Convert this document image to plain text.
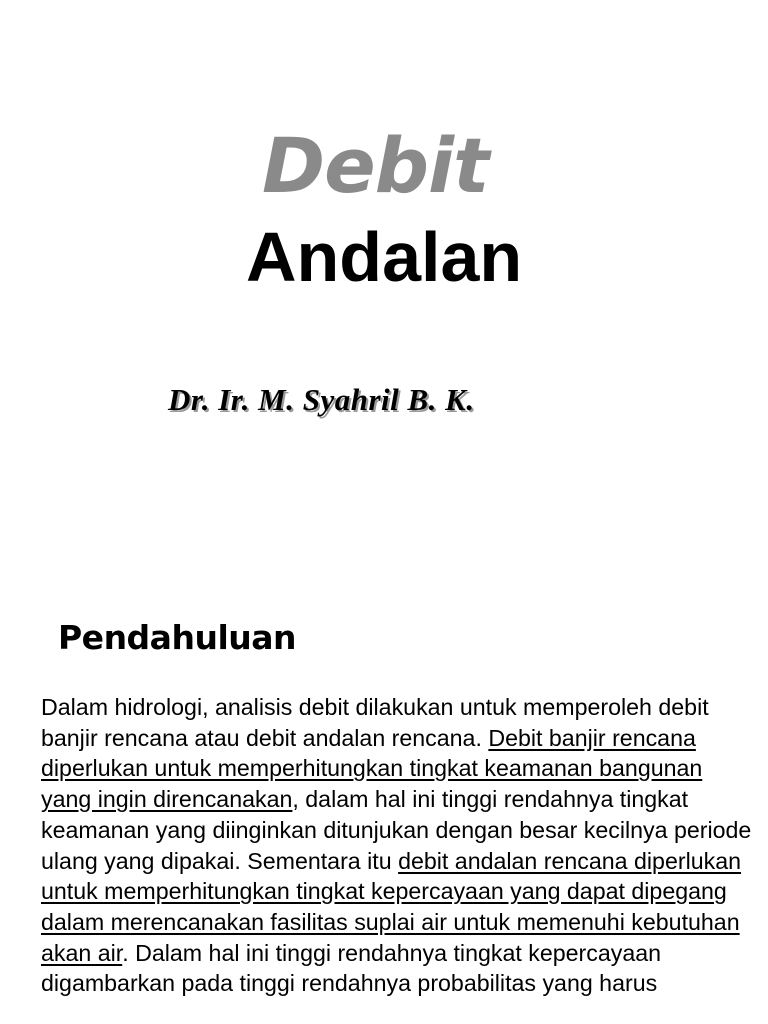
Debit
Andalan
Dr. Ir. M. Syahril B. K.
Pendahuluan
Dalam hidrologi, analisis debit dilakukan untuk memperoleh debit banjir rencana atau debit andalan rencana. Debit banjir rencana diperlukan untuk memperhitungkan tingkat keamanan bangunan yang ingin direncanakan, dalam hal ini tinggi rendahnya tingkat keamanan yang diinginkan ditunjukan dengan besar kecilnya periode ulang yang dipakai. Sementara itu debit andalan rencana diperlukan untuk memperhitungkan tingkat kepercayaan yang dapat dipegang dalam merencanakan fasilitas suplai air untuk memenuhi kebutuhan akan air. Dalam hal ini tinggi rendahnya tingkat kepercayaan digambarkan pada tinggi rendahnya probabilitas yang harus
